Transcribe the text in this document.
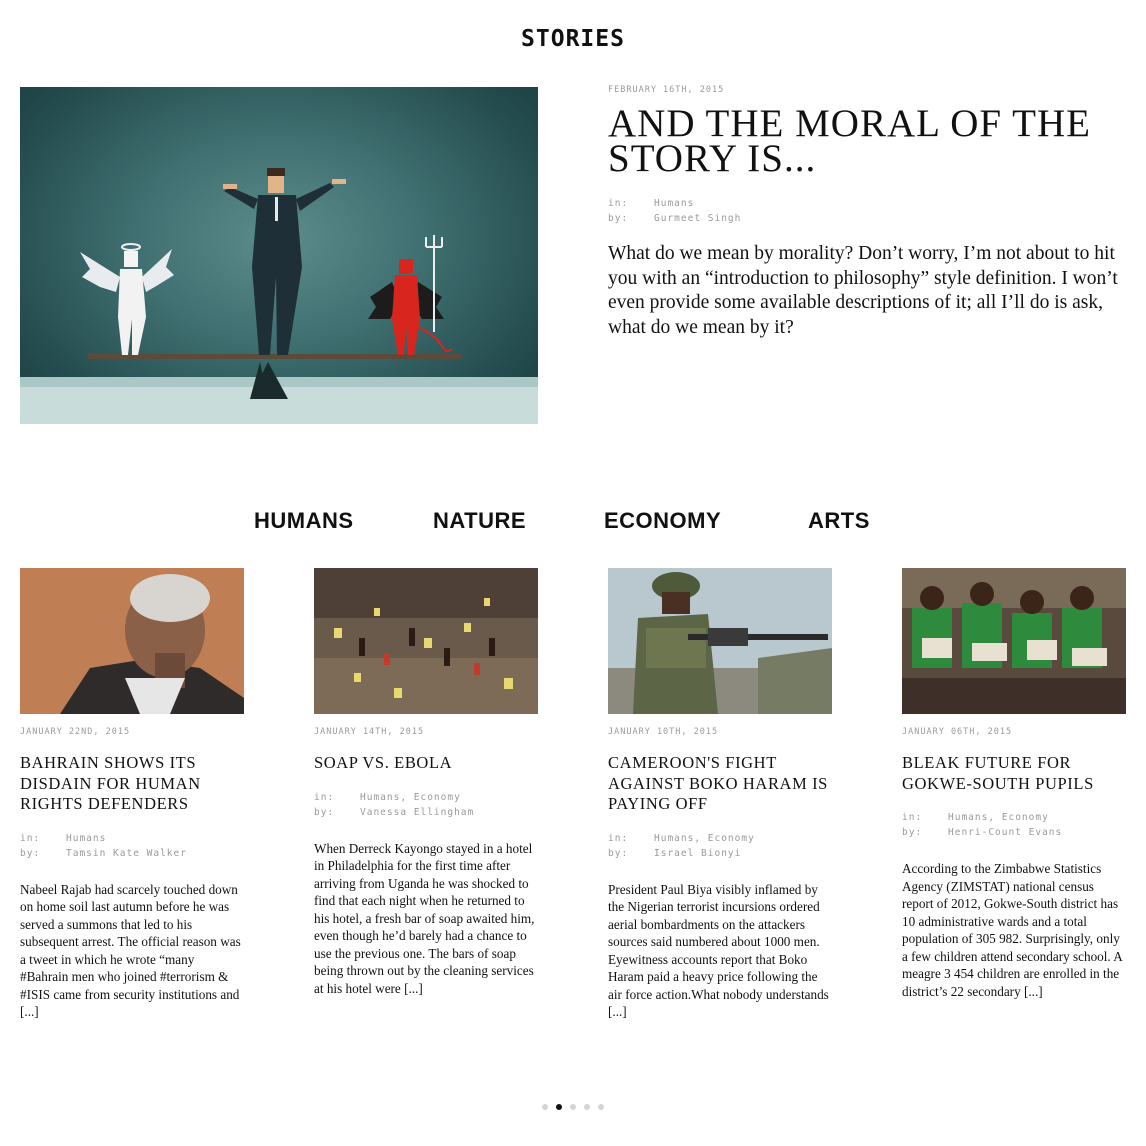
STORIES
FEBRUARY 16TH, 2015
AND THE MORAL OF THE STORY IS...
in:	Humans
by:	Gurmeet Singh

What do we mean by morality? Don’t worry, I’m not about to hit you with an “introduction to philosophy” style definition. I won’t even provide some available descriptions of it; all I’ll do is ask, what do we mean by it?

HUMANS	NATURE	ECONOMY	ARTS
JANUARY 22ND, 2015
BAHRAIN SHOWS ITS DISDAIN FOR HUMAN RIGHTS DEFENDERS
in:	Humans
by:	Tamsin Kate Walker

Nabeel Rajab had scarcely touched down on home soil last autumn before he was served a summons that led to his subsequent arrest. The official reason was a tweet in which he wrote “many #Bahrain men who joined #terrorism & #ISIS came from security institutions and [...]

JANUARY 14TH, 2015
SOAP VS. EBOLA
in:	Humans, Economy
by:	Vanessa Ellingham

When Derreck Kayongo stayed in a hotel in Philadelphia for the first time after arriving from Uganda he was shocked to find that each night when he returned to his hotel, a fresh bar of soap awaited him, even though he’d barely had a chance to use the previous one. The bars of soap being thrown out by the cleaning services at his hotel were [...]

JANUARY 10TH, 2015
CAMEROON'S FIGHT AGAINST BOKO HARAM IS PAYING OFF
in:	Humans, Economy
by:	Israel Bionyi

President Paul Biya visibly inflamed by the Nigerian terrorist incursions ordered aerial bombardments on the attackers sources said numbered about 1000 men. Eyewitness accounts report that Boko Haram paid a heavy price following the air force action.What nobody understands [...]

JANUARY 06TH, 2015
BLEAK FUTURE FOR GOKWE-SOUTH PUPILS
in:	Humans, Economy
by:	Henri-Count Evans

According to the Zimbabwe Statistics Agency (ZIMSTAT) national census report of 2012, Gokwe-South district has 10 administrative wards and a total population of 305 982. Surprisingly, only a few children attend secondary school. A meagre 3 454 children are enrolled in the district’s 22 secondary [...]
